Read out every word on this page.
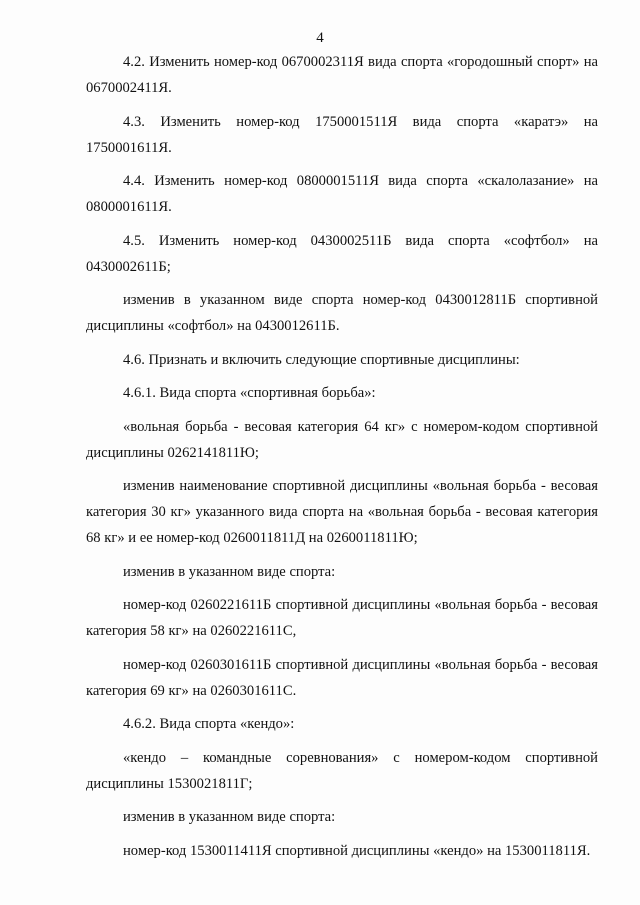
4

4.2. Изменить номер-код 0670002311Я вида спорта «городошный спорт» на 0670002411Я.

4.3. Изменить номер-код 1750001511Я вида спорта «каратэ» на 1750001611Я.

4.4. Изменить номер-код 0800001511Я вида спорта «скалолазание» на 0800001611Я.

4.5. Изменить номер-код 0430002511Б вида спорта «софтбол» на 0430002611Б;

изменив в указанном виде спорта номер-код 0430012811Б спортивной дисциплины «софтбол» на 0430012611Б.

4.6. Признать и включить следующие спортивные дисциплины:

4.6.1. Вида спорта «спортивная борьба»:

«вольная борьба - весовая категория 64 кг» с номером-кодом спортивной дисциплины 0262141811Ю;

изменив наименование спортивной дисциплины «вольная борьба - весовая категория 30 кг» указанного вида спорта на «вольная борьба - весовая категория 68 кг» и ее номер-код 0260011811Д на 0260011811Ю;

изменив в указанном виде спорта:

номер-код 0260221611Б спортивной дисциплины «вольная борьба - весовая категория 58 кг» на 0260221611С,

номер-код 0260301611Б спортивной дисциплины «вольная борьба - весовая категория 69 кг» на 0260301611С.

4.6.2. Вида спорта «кендо»:

«кендо – командные соревнования» с номером-кодом спортивной дисциплины 1530021811Г;

изменив в указанном виде спорта:

номер-код 1530011411Я спортивной дисциплины «кендо» на 1530011811Я.
